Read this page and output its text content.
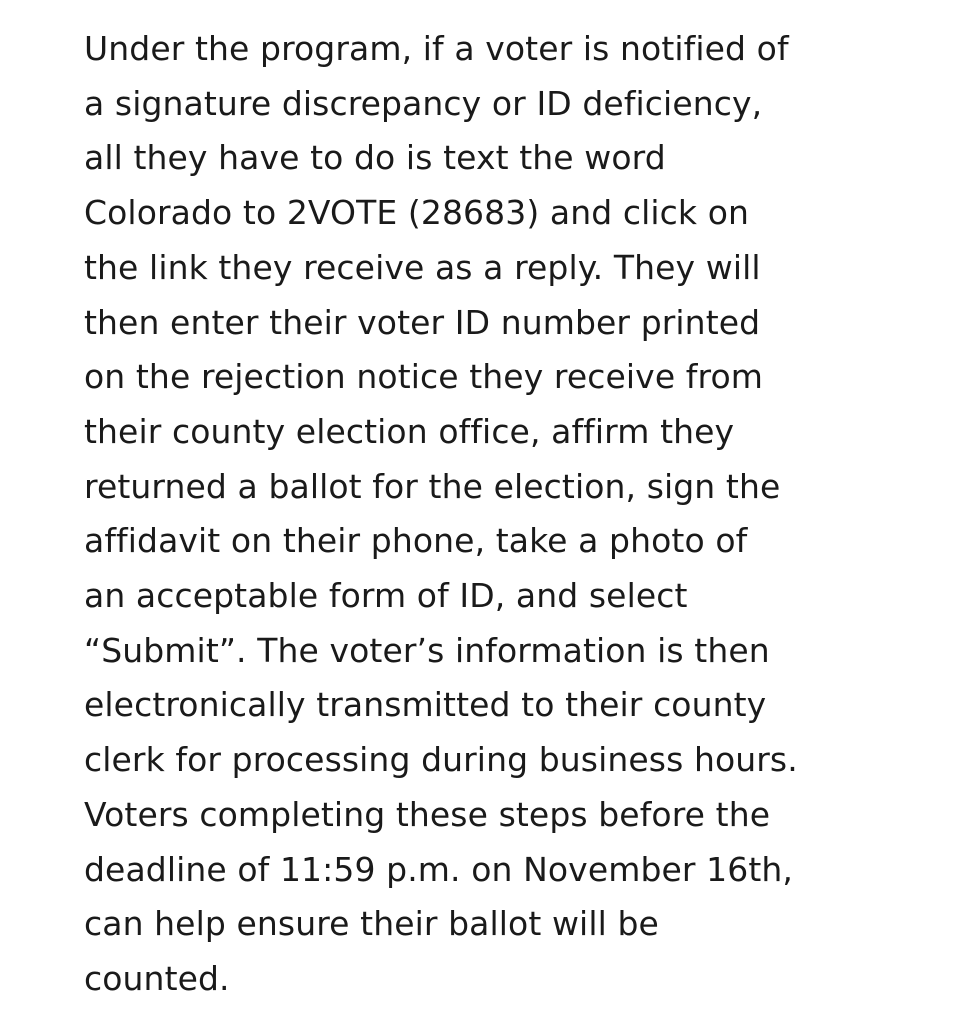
Under the program, if a voter is notified of
a signature discrepancy or ID deficiency,
all they have to do is text the word
Colorado to 2VOTE (28683) and click on
the link they receive as a reply. They will
then enter their voter ID number printed
on the rejection notice they receive from
their county election office, affirm they
returned a ballot for the election, sign the
affidavit on their phone, take a photo of
an acceptable form of ID, and select
“Submit”. The voter’s information is then
electronically transmitted to their county
clerk for processing during business hours.
Voters completing these steps before the
deadline of 11:59 p.m. on November 16th,
can help ensure their ballot will be
counted.
